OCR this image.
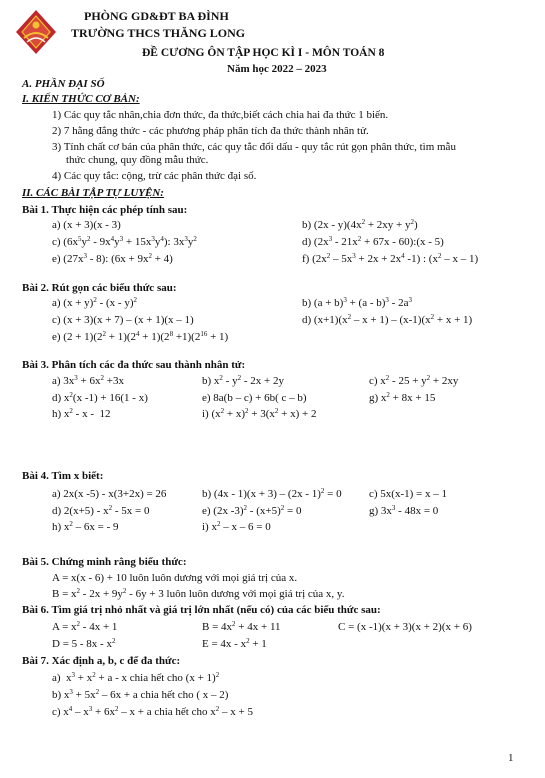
PHÒNG GD&ĐT BA ĐÌNH
TRƯỜNG THCS THĂNG LONG
ĐỀ CƯƠNG ÔN TẬP HỌC KÌ I - MÔN TOÁN 8
Năm học 2022 – 2023
A. PHẦN ĐẠI SỐ
I. KIẾN THỨC CƠ BẢN:
1) Các quy tắc nhân,chia đơn thức, đa thức,biết cách chia hai đa thức 1 biến.
2) 7 hằng đẳng thức - các phương pháp phân tích đa thức thành nhân tử.
3) Tính chất cơ bản của phân thức, các quy tắc đổi dấu - quy tắc rút gọn phân thức, tìm mẫu
thức chung, quy đồng mẫu thức.
4) Các quy tắc: cộng, trừ các phân thức đại số.
II. CÁC BÀI TẬP TỰ LUYỆN:
Bài 1. Thực hiện các phép tính sau:
a) (x + 3)(x - 3)	b) $(2x - y)(4x^2 + 2xy + y^2)$
c) $(6x^5y^2 - 9x^4y^3 + 15x^3y^4)$: $3x^3y^2$	d) ($2x^3 - 21x^2 + 67x$ - 60):(x - 5)
e) $(27x^3 - 8)$: $(6x + 9x^2 + 4)$	f) ($2x^2 - 5x^3 + 2x + 2x^4$ -1) : ($x^2$ – x – 1)
Bài 2. Rút gọn các biểu thức sau:
a) $(x + y)^2 - (x - y)^2$	b) $(a + b)^3 + (a - b)^3 - 2a^3$
c) (x + 3)(x + 7) – (x + 1)(x – 1)	d) $(x+1)(x^2 - x + 1) - (x-1)(x^2 + x + 1)$
e) $(2 + 1)(2^2 + 1)(2^4 + 1)(2^8 +1)(2^{16} + 1)$
Bài 3. Phân tích các đa thức sau thành nhân tử:
a) $3x^3 + 6x^2 +3x$	b) $x^2 - y^2 - 2x + 2y$	c) $x^2 - 25 + y^2 + 2xy$
d) $x^2(x$ -1) + 16(1 - x)	e) 8a(b – c) + 6b( c – b)	g) $x^2 + 8x + 15$
h) $x^2$ - x -  12	i) $(x^2 + x)^2 + 3(x^2 + x) + 2$
Bài 4. Tìm x biết:
a) 2x(x -5) - x(3+2x) = 26	b) (4x - 1)(x + 3) – (2x - 1)$^2$ = 0 c) 5x(x-1) = x – 1
d) $2(x+5) - x^2 - 5x = 0$	e) (2x $-3)^2 - (x+5)^2 = 0$	g) $3x^3 - 48x = 0$
h) $x^2 - 6x$ = - 9	i) $x^2 - x - 6 = 0$
Bài 5. Chứng minh rằng biểu thức:
A = x(x - 6) + 10 luôn luôn dương với mọi giá trị của x.
$B = x^2 - 2x + 9y^2 - 6y + 3$ luôn luôn dương với mọi giá trị của x, y.
Bài 6. Tìm giá trị nhỏ nhất và giá trị lớn nhất (nếu có) của các biểu thức sau:
$A = x^2 - 4x + 1$	$B = 4x^2 + 4x + 11$	C = (x -1)(x + 3)(x + 2)(x + 6)
$D = 5 - 8x - x^2$	$E = 4x - x^2 + 1$
Bài 7. Xác định a, b, c để đa thức:
a)  $x^3 + x^2 + a - x$ chia hết cho $(x + 1)^2$
b) $x^3 + 5x^2 - 6x + a$ chia hết cho ( x – 2)
c) $x^4 - x^3 + 6x^2 - x + a$ chia hết cho $x^2 - x + 5$
1
